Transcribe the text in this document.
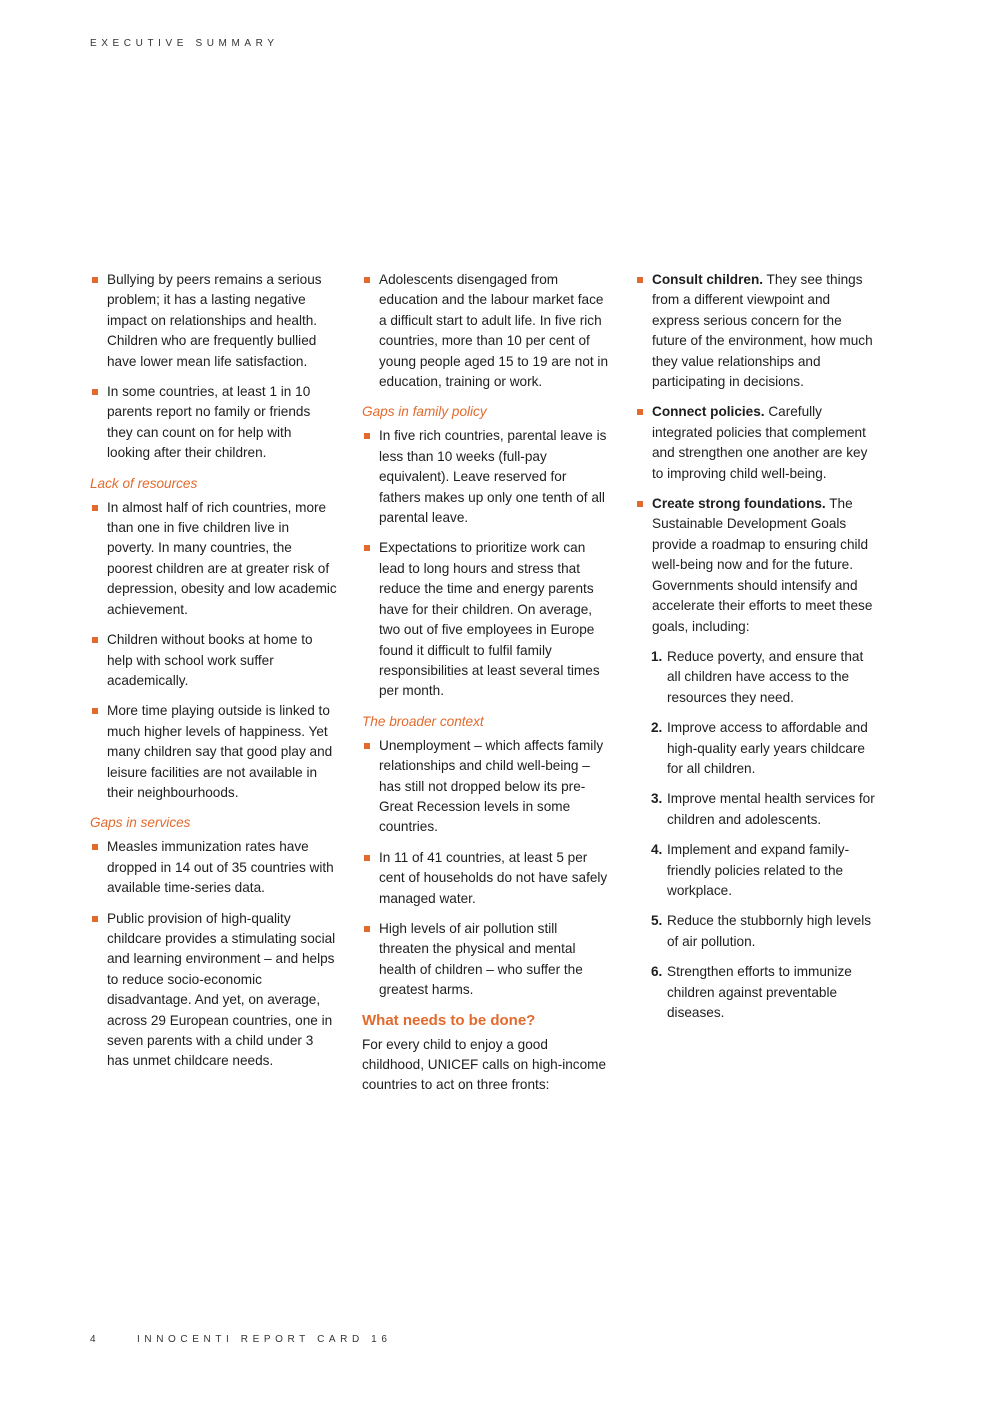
EXECUTIVE SUMMARY
Bullying by peers remains a serious problem; it has a lasting negative impact on relationships and health. Children who are frequently bullied have lower mean life satisfaction.
In some countries, at least 1 in 10 parents report no family or friends they can count on for help with looking after their children.
Lack of resources
In almost half of rich countries, more than one in five children live in poverty. In many countries, the poorest children are at greater risk of depression, obesity and low academic achievement.
Children without books at home to help with school work suffer academically.
More time playing outside is linked to much higher levels of happiness. Yet many children say that good play and leisure facilities are not available in their neighbourhoods.
Gaps in services
Measles immunization rates have dropped in 14 out of 35 countries with available time-series data.
Public provision of high-quality childcare provides a stimulating social and learning environment – and helps to reduce socio-economic disadvantage. And yet, on average, across 29 European countries, one in seven parents with a child under 3 has unmet childcare needs.
Adolescents disengaged from education and the labour market face a difficult start to adult life. In five rich countries, more than 10 per cent of young people aged 15 to 19 are not in education, training or work.
Gaps in family policy
In five rich countries, parental leave is less than 10 weeks (full-pay equivalent). Leave reserved for fathers makes up only one tenth of all parental leave.
Expectations to prioritize work can lead to long hours and stress that reduce the time and energy parents have for their children. On average, two out of five employees in Europe found it difficult to fulfil family responsibilities at least several times per month.
The broader context
Unemployment – which affects family relationships and child well-being – has still not dropped below its pre-Great Recession levels in some countries.
In 11 of 41 countries, at least 5 per cent of households do not have safely managed water.
High levels of air pollution still threaten the physical and mental health of children – who suffer the greatest harms.
What needs to be done?

For every child to enjoy a good childhood, UNICEF calls on high-income countries to act on three fronts:

Consult children. They see things from a different viewpoint and express serious concern for the future of the environment, how much they value relationships and participating in decisions.
Connect policies. Carefully integrated policies that complement and strengthen one another are key to improving child well-being.
Create strong foundations. The Sustainable Development Goals provide a roadmap to ensuring child well-being now and for the future. Governments should intensify and accelerate their efforts to meet these goals, including:
1. Reduce poverty, and ensure that all children have access to the resources they need.
2. Improve access to affordable and high-quality early years childcare for all children.
3. Improve mental health services for children and adolescents.
4. Implement and expand family-friendly policies related to the workplace.
5. Reduce the stubbornly high levels of air pollution.
6. Strengthen efforts to immunize children against preventable diseases.
4	INNOCENTI REPORT CARD 16
